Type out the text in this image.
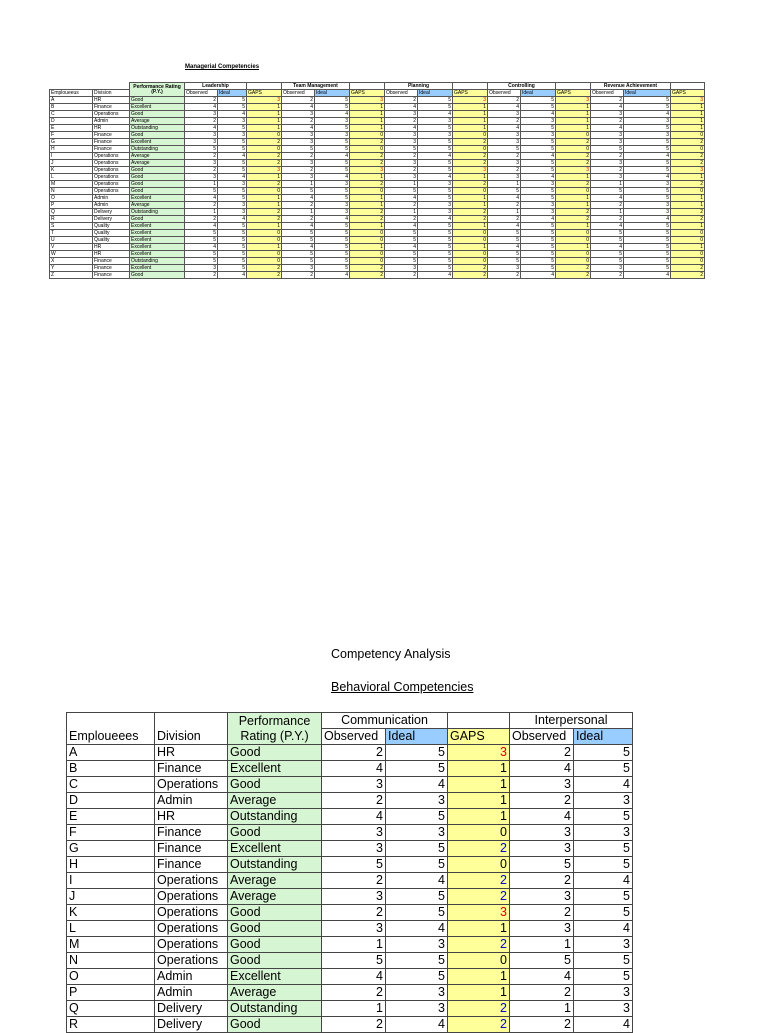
Managerial Competencies
		Performance Rating (P.Y.)	Leadership			Team Management			Planning			Controlling			Revenue Achievement		
Emploueeus	Division		Observed	Ideal	GAPS	Observed	Ideal	GAPS	Observed	Ideal	GAPS	Observed	Ideal	GAPS	Observed	Ideal	GAPS
A	HR	Good	2	5	3	2	5	3	2	5	3	2	5	3	2	5	3
B	Finance	Excellent	4	5	1	4	5	1	4	5	1	4	5	1	4	5	1
C	Operations	Good	3	4	1	3	4	1	3	4	1	3	4	1	3	4	1
D	Admin	Average	2	3	1	2	3	1	2	3	1	2	3	1	2	3	1
E	HR	Outstanding	4	5	1	4	5	1	4	5	1	4	5	1	4	5	1
F	Finance	Good	3	3	0	3	3	0	3	3	0	3	3	0	3	3	0
G	Finance	Excellent	3	5	2	3	5	2	3	5	2	3	5	2	3	5	2
H	Finance	Outstanding	5	5	0	5	5	0	5	5	0	5	5	0	5	5	0
I	Operations	Average	2	4	2	2	4	2	2	4	2	2	4	2	2	4	2
J	Operations	Average	3	5	2	3	5	2	3	5	2	3	5	2	3	5	2
K	Operations	Good	2	5	3	2	5	3	2	5	3	2	5	3	2	5	3
L	Operations	Good	3	4	1	3	4	1	3	4	1	3	4	1	3	4	1
M	Operations	Good	1	3	2	1	3	2	1	3	2	1	3	2	1	3	2
N	Operations	Good	5	5	0	5	5	0	5	5	0	5	5	0	5	5	0
O	Admin	Excellent	4	5	1	4	5	1	4	5	1	4	5	1	4	5	1
P	Admin	Average	2	3	1	2	3	1	2	3	1	2	3	1	2	3	1
Q	Delivery	Outstanding	1	3	2	1	3	2	1	3	2	1	3	2	1	3	2
R	Delivery	Good	2	4	2	2	4	2	2	4	2	2	4	2	2	4	2
S	Quality	Excellent	4	5	1	4	5	1	4	5	1	4	5	1	4	5	1
T	Quality	Excellent	5	5	0	5	5	0	5	5	0	5	5	0	5	5	0
U	Quality	Excellent	5	5	0	5	5	0	5	5	0	5	5	0	5	5	0
V	HR	Excellent	4	5	1	4	5	1	4	5	1	4	5	1	4	5	1
W	HR	Excellent	5	5	0	5	5	0	5	5	0	5	5	0	5	5	0
X	Finance	Outstanding	5	5	0	5	5	0	5	5	0	5	5	0	5	5	0
Y	Finance	Excellent	3	5	2	3	5	2	3	5	2	3	5	2	3	5	2
Z	Finance	Good	2	4	2	2	4	2	2	4	2	2	4	2	2	4	2
Competency Analysis
Behavioral Competencies
		Performance Rating (P.Y.)	Communication			Interpersonal	
Emploueees	Division		Observed	Ideal	GAPS	Observed	Ideal
A	HR	Good	2	5	3	2	5
B	Finance	Excellent	4	5	1	4	5
C	Operations	Good	3	4	1	3	4
D	Admin	Average	2	3	1	2	3
E	HR	Outstanding	4	5	1	4	5
F	Finance	Good	3	3	0	3	3
G	Finance	Excellent	3	5	2	3	5
H	Finance	Outstanding	5	5	0	5	5
I	Operations	Average	2	4	2	2	4
J	Operations	Average	3	5	2	3	5
K	Operations	Good	2	5	3	2	5
L	Operations	Good	3	4	1	3	4
M	Operations	Good	1	3	2	1	3
N	Operations	Good	5	5	0	5	5
O	Admin	Excellent	4	5	1	4	5
P	Admin	Average	2	3	1	2	3
Q	Delivery	Outstanding	1	3	2	1	3
R	Delivery	Good	2	4	2	2	4
